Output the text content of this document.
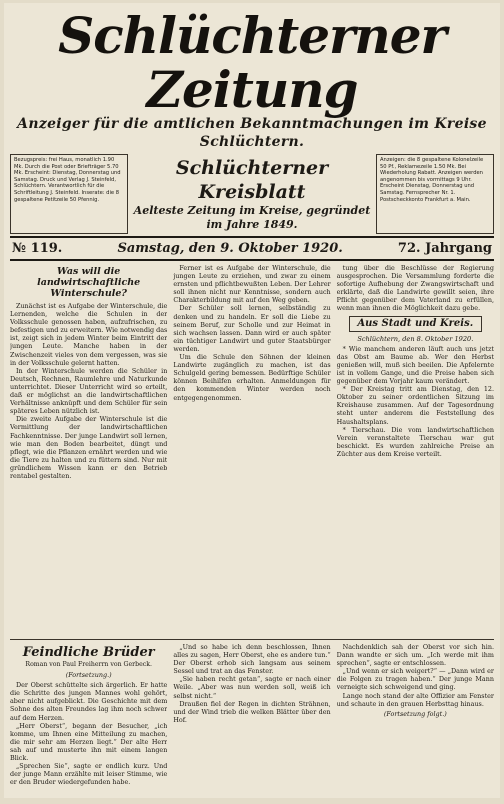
Schlüchterner Zeitung
Anzeiger für die amtlichen Bekanntmachungen im Kreise Schlüchtern.
Bezugspreis: frei Haus, monatlich 1.90 Mk. Durch die Post oder Briefträger 5.70 Mk. Erscheint: Dienstag, Donnerstag und Samstag. Druck und Verlag J. Steinfeld, Schlüchtern. Verantwortlich für die Schriftleitung J. Steinfeld. Inserate: die 8 gespaltene Petitzeile 50 Pfennig.
Schlüchterner Kreisblatt
Aelteste Zeitung im Kreise, gegründet im Jahre 1849.
Anzeigen: die 8 gespaltene Kolonelzeile 50 Pf., Reklamezeile 1.50 Mk. Bei Wiederholung Rabatt. Anzeigen werden angenommen bis vormittags 9 Uhr. Erscheint Dienstag, Donnerstag und Samstag. Fernsprecher Nr. 1. Postscheckkonto Frankfurt a. Main.
№ 119.	Samstag, den 9. Oktober 1920.	72. Jahrgang
Was will die landwirtschaftliche Winterschule?

Zunächst ist es Aufgabe der Winterschule, die Lernenden, welche die Schulen in der Volksschule genossen haben, aufzufrischen, zu befestigen und zu erweitern. Wie notwendig das ist, zeigt sich in jedem Winter beim Eintritt der jungen Leute. Manche haben in der Zwischenzeit vieles von dem vergessen, was sie in der Volksschule gelernt hatten.

In der Winterschule werden die Schüler in Deutsch, Rechnen, Raumlehre und Naturkunde unterrichtet. Dieser Unterricht wird so erteilt, daß er möglichst an die landwirtschaftlichen Verhältnisse anknüpft und dem Schüler für sein späteres Leben nützlich ist.

Die zweite Aufgabe der Winterschule ist die Vermittlung der landwirtschaftlichen Fachkenntnisse. Der junge Landwirt soll lernen, wie man den Boden bearbeitet, düngt und pflegt, wie die Pflanzen ernährt werden und wie die Tiere zu halten und zu füttern sind. Nur mit gründlichem Wissen kann er den Betrieb rentabel gestalten.

Ferner ist es Aufgabe der Winterschule, die jungen Leute zu erziehen, und zwar zu einem ernsten und pflichtbewußten Leben. Der Lehrer soll ihnen nicht nur Kenntnisse, sondern auch Charakterbildung mit auf den Weg geben.

Der Schüler soll lernen, selbständig zu denken und zu handeln. Er soll die Liebe zu seinem Beruf, zur Scholle und zur Heimat in sich wachsen lassen. Dann wird er auch später ein tüchtiger Landwirt und guter Staatsbürger werden.

Um die Schule den Söhnen der kleinen Landwirte zugänglich zu machen, ist das Schulgeld gering bemessen. Bedürftige Schüler können Beihilfen erhalten. Anmeldungen für den kommenden Winter werden noch entgegengenommen.

tung über die Beschlüsse der Regierung ausgesprochen. Die Versammlung forderte die sofortige Aufhebung der Zwangswirtschaft und erklärte, daß die Landwirte gewillt seien, ihre Pflicht gegenüber dem Vaterland zu erfüllen, wenn man ihnen die Möglichkeit dazu gebe.

Aus Stadt und Kreis.
Schlüchtern, den 8. Oktober 1920.

* Wie manchem anderen läuft auch uns jetzt das Obst am Baume ab. Wer den Herbst genießen will, muß sich beeilen. Die Apfelernte ist in vollem Gange, und die Preise haben sich gegenüber dem Vorjahr kaum verändert.

* Der Kreistag tritt am Dienstag, den 12. Oktober zu seiner ordentlichen Sitzung im Kreishause zusammen. Auf der Tagesordnung steht unter anderem die Feststellung des Haushaltsplans.

* Tierschau. Die vom landwirtschaftlichen Verein veranstaltete Tierschau war gut beschickt. Es wurden zahlreiche Preise an Züchter aus dem Kreise verteilt.

Feindliche Brüder
Roman von Paul Freiherrn von Gerbeck.
(Fortsetzung.)

Der Oberst schüttelte sich ärgerlich. Er hatte die Schritte des jungen Mannes wohl gehört, aber nicht aufgeblickt. Die Geschichte mit dem Sohne des alten Freundes lag ihm noch schwer auf dem Herzen.

„Herr Oberst“, begann der Besucher, „ich komme, um Ihnen eine Mitteilung zu machen, die mir sehr am Herzen liegt.“ Der alte Herr sah auf und musterte ihn mit einem langen Blick.

„Sprechen Sie“, sagte er endlich kurz. Und der junge Mann erzählte mit leiser Stimme, wie er den Bruder wiedergefunden habe.

„Und so habe ich denn beschlossen, Ihnen alles zu sagen, Herr Oberst, ehe es andere tun.“ Der Oberst erhob sich langsam aus seinem Sessel und trat an das Fenster.

„Sie haben recht getan“, sagte er nach einer Weile. „Aber was nun werden soll, weiß ich selbst nicht.“

Draußen fiel der Regen in dichten Strähnen, und der Wind trieb die welken Blätter über den Hof.

Nachdenklich sah der Oberst vor sich hin. Dann wandte er sich um. „Ich werde mit ihm sprechen“, sagte er entschlossen.

„Und wenn er sich weigert?“ — „Dann wird er die Folgen zu tragen haben.“ Der junge Mann verneigte sich schweigend und ging.

Lange noch stand der alte Offizier am Fenster und schaute in den grauen Herbsttag hinaus.

(Fortsetzung folgt.)
